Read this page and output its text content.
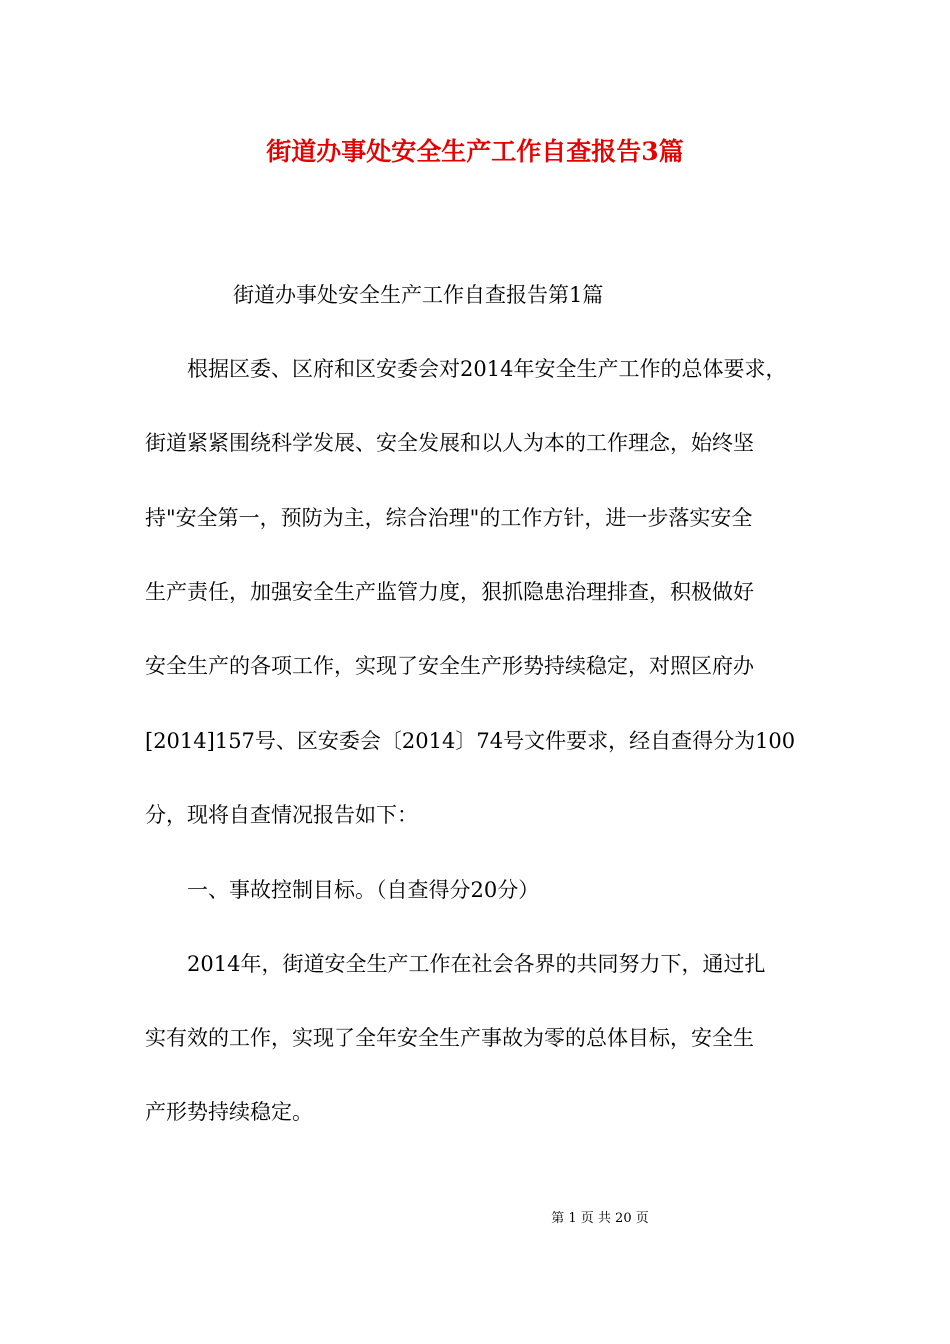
街道办事处安全生产工作自查报告3篇
街道办事处安全生产工作自查报告第1篇
根据区委、区府和区安委会对2014年安全生产工作的总体要求，
街道紧紧围绕科学发展、安全发展和以人为本的工作理念，始终坚
持"安全第一，预防为主，综合治理"的工作方针，进一步落实安全
生产责任，加强安全生产监管力度，狠抓隐患治理排查，积极做好
安全生产的各项工作，实现了安全生产形势持续稳定，对照区府办
[2014]157号、区安委会〔2014〕74号文件要求，经自查得分为100
分，现将自查情况报告如下：
一、事故控制目标。（自查得分20分）
2014年，街道安全生产工作在社会各界的共同努力下，通过扎
实有效的工作，实现了全年安全生产事故为零的总体目标，安全生
产形势持续稳定。
第 1 页 共 20 页
